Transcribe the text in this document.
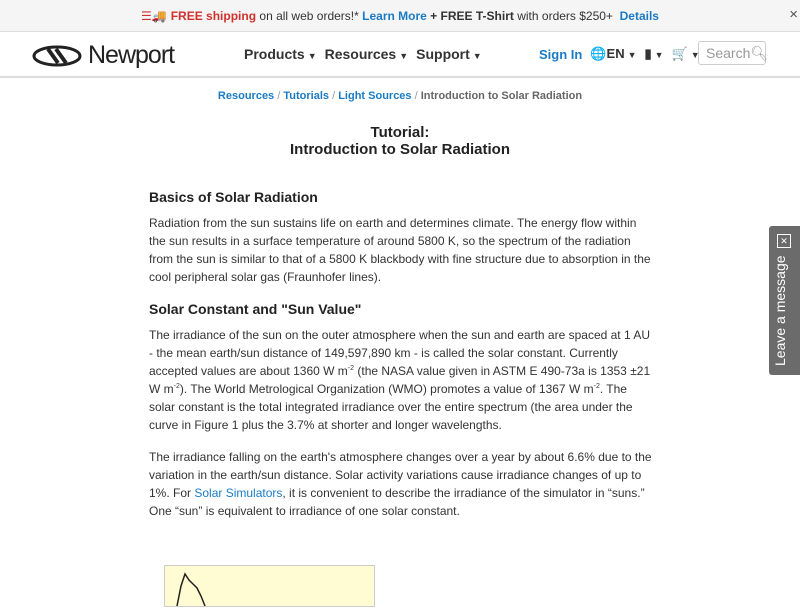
☰🚚 FREE shipping
on all web orders!*
Learn More
+
FREE T-Shirt
with orders $250+
Details	×
Newport	Products ▼ Resources ▼ Support ▼	Sign In 🌐EN ▼ ▮ ▼ 🛒 ▼ Search 🔍︎
Resources / Tutorials / Light Sources / Introduction to Solar Radiation
Tutorial:
Introduction to Solar Radiation
Basics of Solar Radiation

Radiation from the sun sustains life on earth and determines climate. The energy flow within the sun results in a surface temperature of around 5800 K, so the spectrum of the radiation from the sun is similar to that of a 5800 K blackbody with fine structure due to absorption in the cool peripheral solar gas (Fraunhofer lines).

Solar Constant and "Sun Value"

The irradiance of the sun on the outer atmosphere when the sun and earth are spaced at 1 AU - the mean earth/sun distance of 149,597,890 km - is called the solar constant. Currently accepted values are about 1360 W $m^{-2}$ (the NASA value given in ASTM E 490-73a is 1353 ±21 W $m^{-2}$). The World Metrological Organization (WMO) promotes a value of 1367 W $m^{-2}$. The solar constant is the total integrated irradiance over the entire spectrum (the area under the curve in Figure 1 plus the 3.7% at shorter and longer wavelengths.

The irradiance falling on the earth's atmosphere changes over a year by about 6.6% due to the variation in the earth/sun distance. Solar activity variations cause irradiance changes of up to 1%. For Solar Simulators, it is convenient to describe the irradiance of the simulator in “suns.” One “sun” is equivalent to irradiance of one solar constant.

✕
Leave a message
